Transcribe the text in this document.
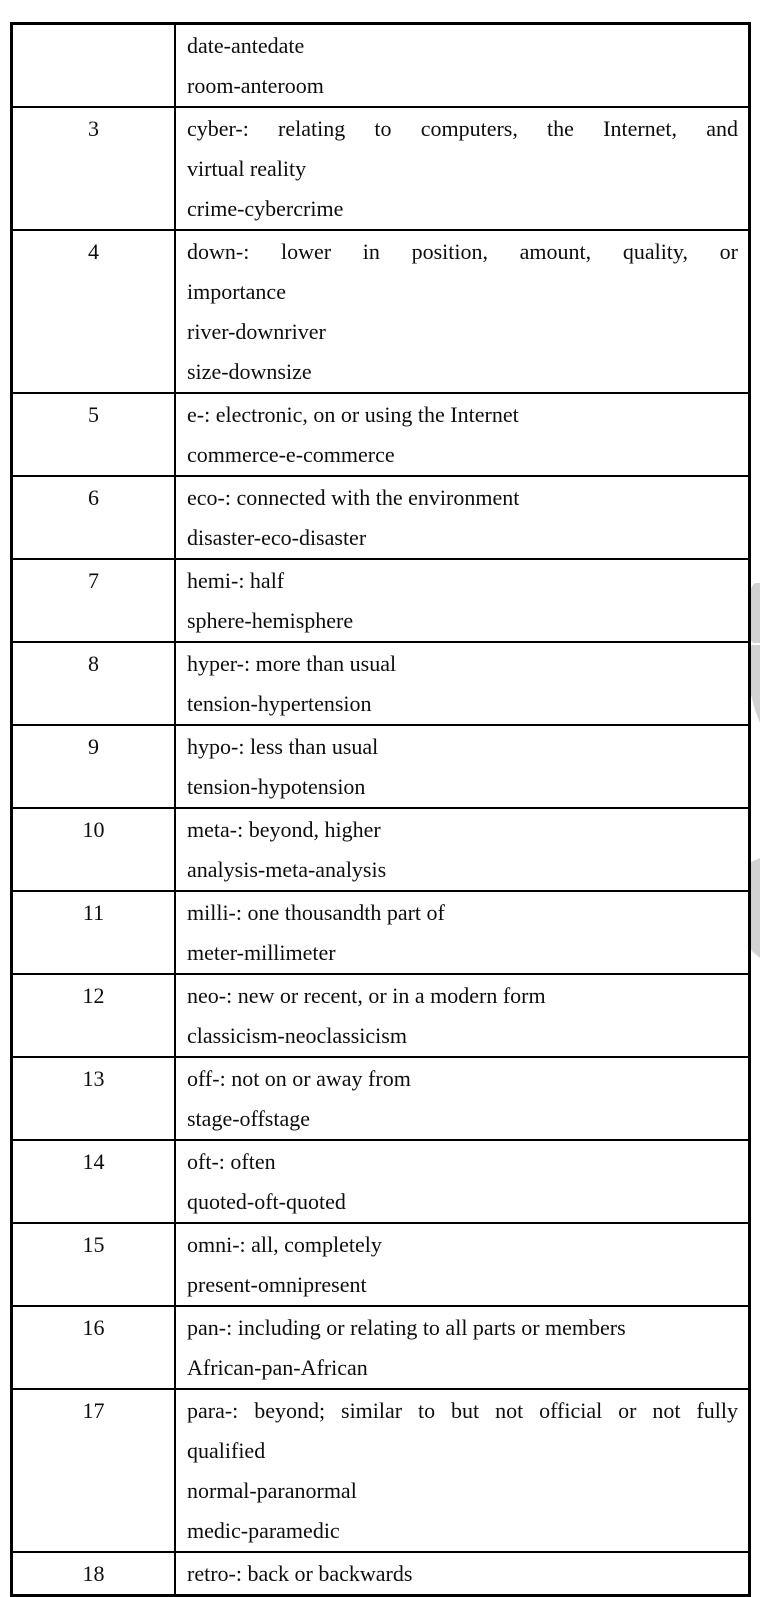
	date-antedate
room-anteroom

3	cyber-: relating to computers, the Internet, and
virtual reality
crime-cybercrime

4	down-: lower in position, amount, quality, or
importance
river-downriver
size-downsize

5	e-: electronic, on or using the Internet
commerce-e-commerce

6	eco-: connected with the environment
disaster-eco-disaster

7	hemi-: half
sphere-hemisphere

8	hyper-: more than usual
tension-hypertension

9	hypo-: less than usual
tension-hypotension

10	meta-: beyond, higher
analysis-meta-analysis

11	milli-: one thousandth part of
meter-millimeter

12	neo-: new or recent, or in a modern form
classicism-neoclassicism

13	off-: not on or away from
stage-offstage

14	oft-: often
quoted-oft-quoted

15	omni-: all, completely
present-omnipresent

16	pan-: including or relating to all parts or members
African-pan-African

17	para-: beyond; similar to but not official or not fully
qualified
normal-paranormal
medic-paramedic

18	retro-: back or backwards
